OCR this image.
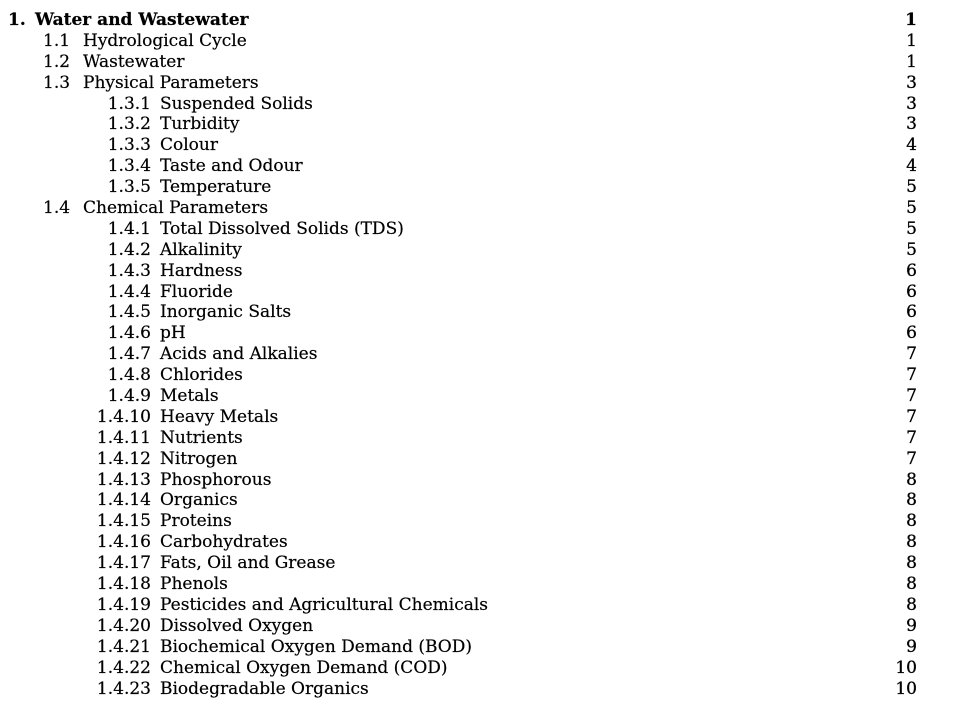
1. Water and Wastewater	1
1.1 Hydrological Cycle	1
1.2 Wastewater	1
1.3 Physical Parameters	3
1.3.1 Suspended Solids	3
1.3.2 Turbidity	3
1.3.3 Colour	4
1.3.4 Taste and Odour	4
1.3.5 Temperature	5
1.4 Chemical Parameters	5
1.4.1 Total Dissolved Solids (TDS)	5
1.4.2 Alkalinity	5
1.4.3 Hardness	6
1.4.4 Fluoride	6
1.4.5 Inorganic Salts	6
1.4.6 pH	6
1.4.7 Acids and Alkalies	7
1.4.8 Chlorides	7
1.4.9 Metals	7
1.4.10 Heavy Metals	7
1.4.11 Nutrients	7
1.4.12 Nitrogen	7
1.4.13 Phosphorous	8
1.4.14 Organics	8
1.4.15 Proteins	8
1.4.16 Carbohydrates	8
1.4.17 Fats, Oil and Grease	8
1.4.18 Phenols	8
1.4.19 Pesticides and Agricultural Chemicals	8
1.4.20 Dissolved Oxygen	9
1.4.21 Biochemical Oxygen Demand (BOD)	9
1.4.22 Chemical Oxygen Demand (COD)	10
1.4.23 Biodegradable Organics	10
